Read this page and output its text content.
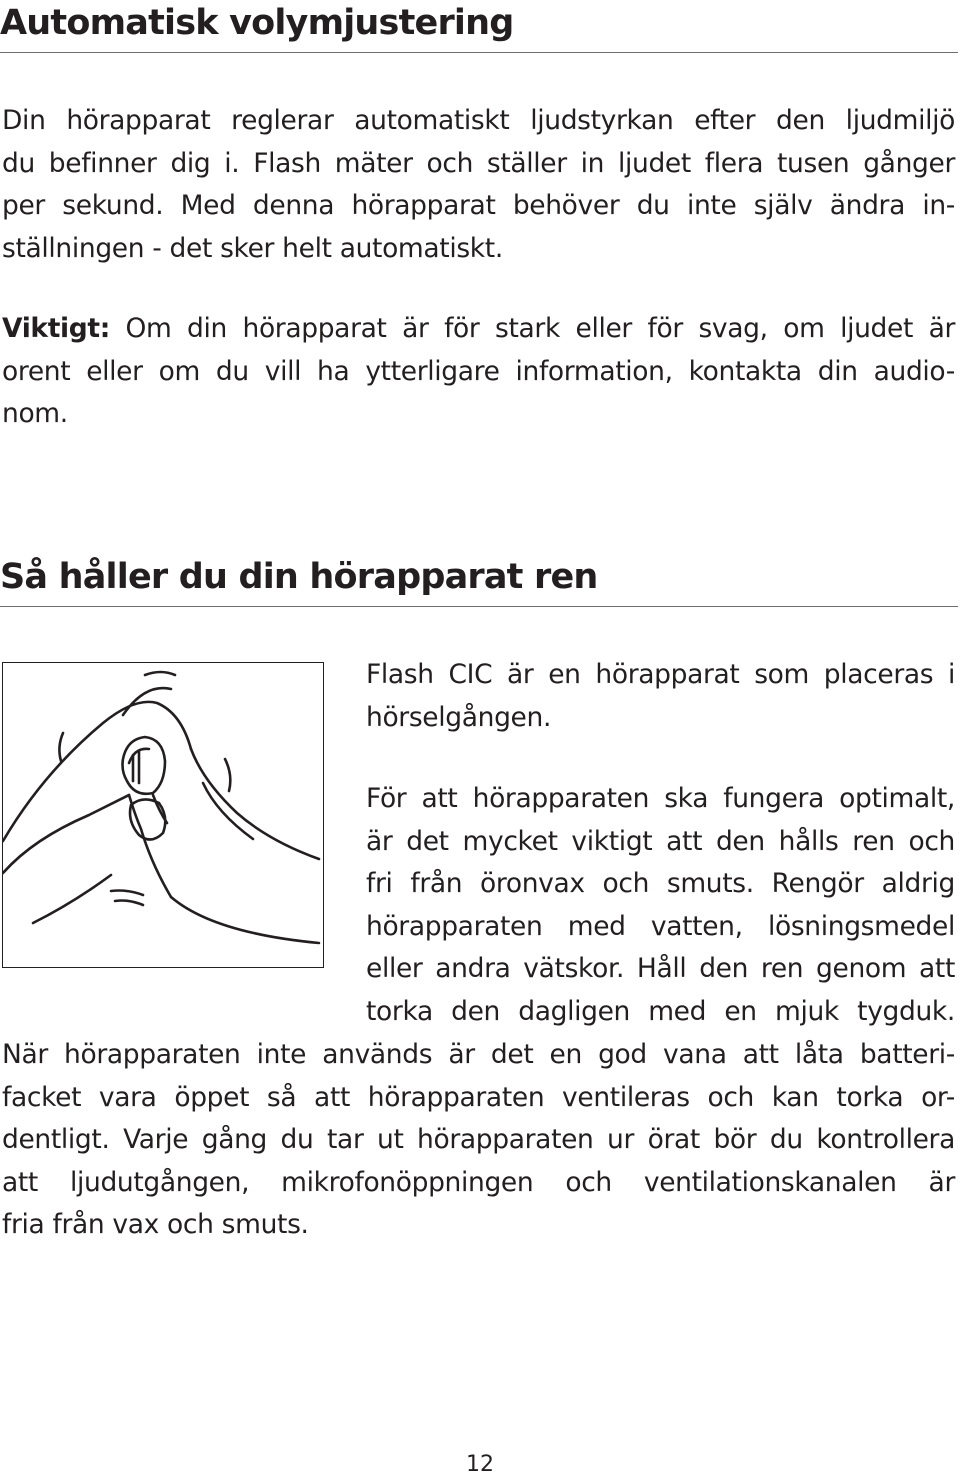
Automatisk volymjustering

Din hörapparat reglerar automatiskt ljudstyrkan efter den ljudmiljö
du befinner dig i. Flash mäter och ställer in ljudet flera tusen gånger
per sekund. Med denna hörapparat behöver du inte själv ändra in-
ställningen - det sker helt automatiskt.

Viktigt: Om din hörapparat är för stark eller för svag, om ljudet är
orent eller om du vill ha ytterligare information, kontakta din audio-
nom.

Så håller du din hörapparat ren

Flash CIC är en hörapparat som placeras i
hörselgången.

För att hörapparaten ska fungera optimalt,
är det mycket viktigt att den hålls ren och
fri från öronvax och smuts. Rengör aldrig
hörapparaten med vatten, lösningsmedel
eller andra vätskor. Håll den ren genom att
torka den dagligen med en mjuk tygduk.

När hörapparaten inte används är det en god vana att låta batteri-
facket vara öppet så att hörapparaten ventileras och kan torka or-
dentligt. Varje gång du tar ut hörapparaten ur örat bör du kontrollera
att ljudutgången, mikrofonöppningen och ventilationskanalen är
fria från vax och smuts.

12
